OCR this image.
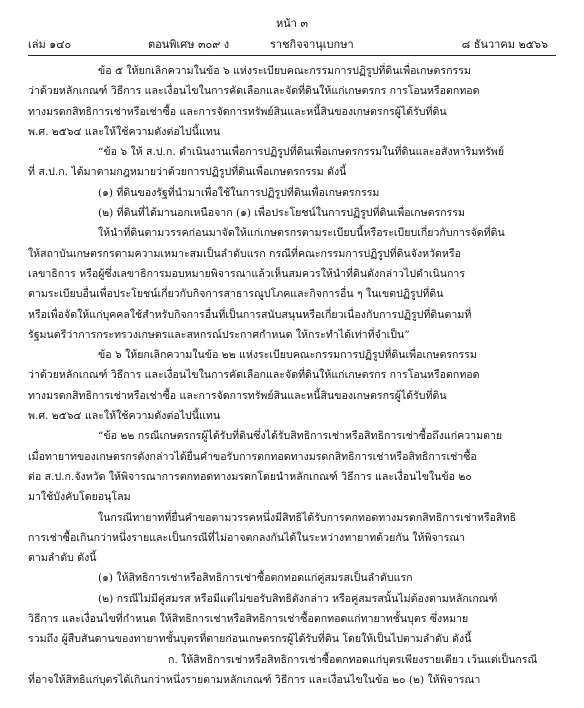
หน้า ๓
เล่ม ๑๔๐	ตอนพิเศษ ๓๐๙ ง	ราชกิจจานุเบกษา	๘ ธันวาคม ๒๕๖๖

ข้อ ๕ ให้ยกเลิกความในข้อ ๖ แห่งระเบียบคณะกรรมการปฏิรูปที่ดินเพื่อเกษตรกรรม

ว่าด้วยหลักเกณฑ์ วิธีการ และเงื่อนไขในการคัดเลือกและจัดที่ดินให้แก่เกษตรกร การโอนหรือตกทอด

ทางมรดกสิทธิการเช่าหรือเช่าซื้อ และการจัดการทรัพย์สินและหนี้สินของเกษตรกรผู้ได้รับที่ดิน

พ.ศ. ๒๕๖๔ และให้ใช้ความดังต่อไปนี้แทน

“ข้อ ๖ ให้ ส.ป.ก. ดำเนินงานเพื่อการปฏิรูปที่ดินเพื่อเกษตรกรรมในที่ดินและอสังหาริมทรัพย์

ที่ ส.ป.ก. ได้มาตามกฎหมายว่าด้วยการปฏิรูปที่ดินเพื่อเกษตรกรรม ดังนี้

(๑) ที่ดินของรัฐที่นำมาเพื่อใช้ในการปฏิรูปที่ดินเพื่อเกษตรกรรม

(๒) ที่ดินที่ได้มานอกเหนือจาก (๑) เพื่อประโยชน์ในการปฏิรูปที่ดินเพื่อเกษตรกรรม

ให้นำที่ดินตามวรรคก่อนมาจัดให้แก่เกษตรกรตามระเบียบนี้หรือระเบียบเกี่ยวกับการจัดที่ดิน

ให้สถาบันเกษตรกรตามความเหมาะสมเป็นลำดับแรก กรณีที่คณะกรรมการปฏิรูปที่ดินจังหวัดหรือ

เลขาธิการ หรือผู้ซึ่งเลขาธิการมอบหมายพิจารณาแล้วเห็นสมควรให้นำที่ดินดังกล่าวไปดำเนินการ

ตามระเบียบอื่นเพื่อประโยชน์เกี่ยวกับกิจการสาธารณูปโภคและกิจการอื่น ๆ ในเขตปฏิรูปที่ดิน

หรือเพื่อจัดให้แก่บุคคลใช้สำหรับกิจการอื่นที่เป็นการสนับสนุนหรือเกี่ยวเนื่องกับการปฏิรูปที่ดินตามที่

รัฐมนตรีว่าการกระทรวงเกษตรและสหกรณ์ประกาศกำหนด ให้กระทำได้เท่าที่จำเป็น”

ข้อ ๖ ให้ยกเลิกความในข้อ ๒๒ แห่งระเบียบคณะกรรมการปฏิรูปที่ดินเพื่อเกษตรกรรม

ว่าด้วยหลักเกณฑ์ วิธีการ และเงื่อนไขในการคัดเลือกและจัดที่ดินให้แก่เกษตรกร การโอนหรือตกทอด

ทางมรดกสิทธิการเช่าหรือเช่าซื้อ และการจัดการทรัพย์สินและหนี้สินของเกษตรกรผู้ได้รับที่ดิน

พ.ศ. ๒๕๖๔ และให้ใช้ความดังต่อไปนี้แทน

“ข้อ ๒๒ กรณีเกษตรกรผู้ได้รับที่ดินซึ่งได้รับสิทธิการเช่าหรือสิทธิการเช่าซื้อถึงแก่ความตาย

เมื่อทายาทของเกษตรกรดังกล่าวได้ยื่นคำขอรับการตกทอดทางมรดกสิทธิการเช่าหรือสิทธิการเช่าซื้อ

ต่อ ส.ป.ก.จังหวัด ให้พิจารณาการตกทอดทางมรดกโดยนำหลักเกณฑ์ วิธีการ และเงื่อนไขในข้อ ๒๐

มาใช้บังคับโดยอนุโลม

ในกรณีทายาทที่ยื่นคำขอตามวรรคหนึ่งมีสิทธิได้รับการตกทอดทางมรดกสิทธิการเช่าหรือสิทธิ

การเช่าซื้อเกินกว่าหนึ่งรายและเป็นกรณีที่ไม่อาจตกลงกันได้ในระหว่างทายาทด้วยกัน ให้พิจารณา

ตามลำดับ ดังนี้

(๑) ให้สิทธิการเช่าหรือสิทธิการเช่าซื้อตกทอดแก่คู่สมรสเป็นลำดับแรก

(๒) กรณีไม่มีคู่สมรส หรือมีแต่ไม่ขอรับสิทธิดังกล่าว หรือคู่สมรสนั้นไม่ต้องตามหลักเกณฑ์

วิธีการ และเงื่อนไขที่กำหนด ให้สิทธิการเช่าหรือสิทธิการเช่าซื้อตกทอดแก่ทายาทชั้นบุตร ซึ่งหมาย

รวมถึง ผู้สืบสันดานของทายาทชั้นบุตรที่ตายก่อนเกษตรกรผู้ได้รับที่ดิน โดยให้เป็นไปตามลำดับ ดังนี้

ก. ให้สิทธิการเช่าหรือสิทธิการเช่าซื้อตกทอดแก่บุตรเพียงรายเดียว เว้นแต่เป็นกรณี

ที่อาจให้สิทธิแก่บุตรได้เกินกว่าหนึ่งรายตามหลักเกณฑ์ วิธีการ และเงื่อนไขในข้อ ๒๐ (๒) ให้พิจารณา
